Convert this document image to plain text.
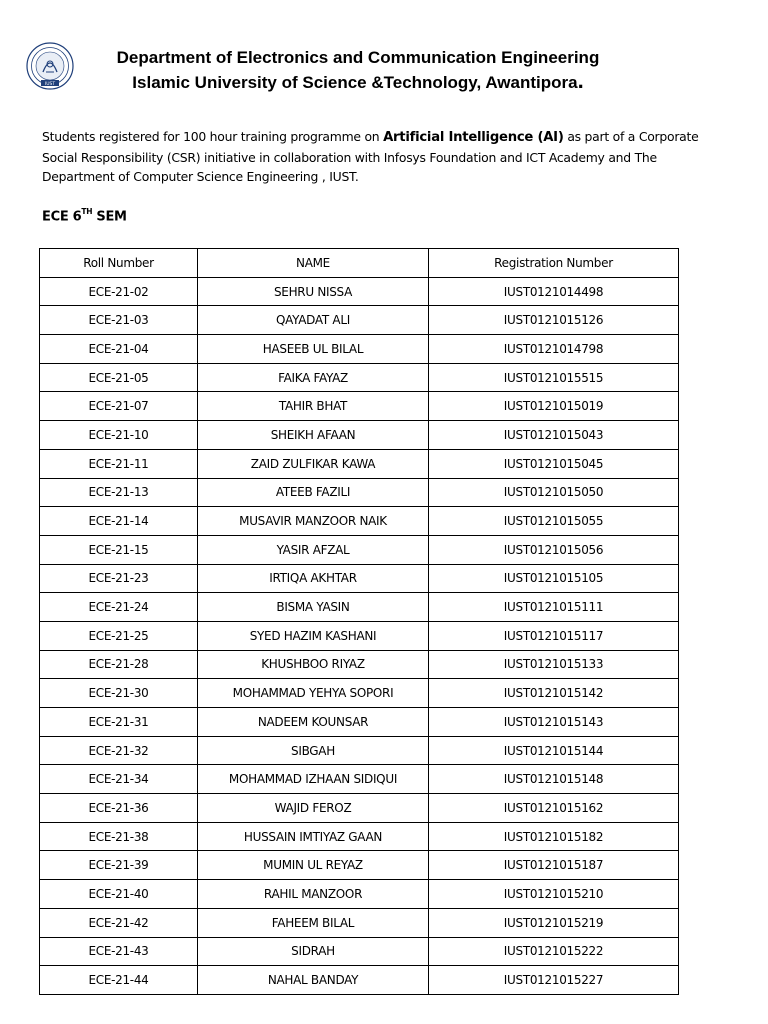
IUST
Department of Electronics and Communication Engineering
Islamic University of Science &Technology, Awantipora.
Students registered for 100 hour training programme on Artificial Intelligence (AI) as part of a Corporate Social Responsibility (CSR) initiative in collaboration with Infosys Foundation and ICT Academy and The Department of Computer Science Engineering , IUST.
ECE 6TH SEM
Roll Number	NAME	Registration Number
ECE-21-02	SEHRU NISSA	IUST0121014498
ECE-21-03	QAYADAT ALI	IUST0121015126
ECE-21-04	HASEEB UL BILAL	IUST0121014798
ECE-21-05	FAIKA FAYAZ	IUST0121015515
ECE-21-07	TAHIR BHAT	IUST0121015019
ECE-21-10	SHEIKH AFAAN	IUST0121015043
ECE-21-11	ZAID ZULFIKAR KAWA	IUST0121015045
ECE-21-13	ATEEB FAZILI	IUST0121015050
ECE-21-14	MUSAVIR MANZOOR NAIK	IUST0121015055
ECE-21-15	YASIR AFZAL	IUST0121015056
ECE-21-23	IRTIQA AKHTAR	IUST0121015105
ECE-21-24	BISMA YASIN	IUST0121015111
ECE-21-25	SYED HAZIM KASHANI	IUST0121015117
ECE-21-28	KHUSHBOO RIYAZ	IUST0121015133
ECE-21-30	MOHAMMAD YEHYA SOPORI	IUST0121015142
ECE-21-31	NADEEM KOUNSAR	IUST0121015143
ECE-21-32	SIBGAH	IUST0121015144
ECE-21-34	MOHAMMAD IZHAAN SIDIQUI	IUST0121015148
ECE-21-36	WAJID FEROZ	IUST0121015162
ECE-21-38	HUSSAIN IMTIYAZ GAAN	IUST0121015182
ECE-21-39	MUMIN UL REYAZ	IUST0121015187
ECE-21-40	RAHIL MANZOOR	IUST0121015210
ECE-21-42	FAHEEM BILAL	IUST0121015219
ECE-21-43	SIDRAH	IUST0121015222
ECE-21-44	NAHAL BANDAY	IUST0121015227
